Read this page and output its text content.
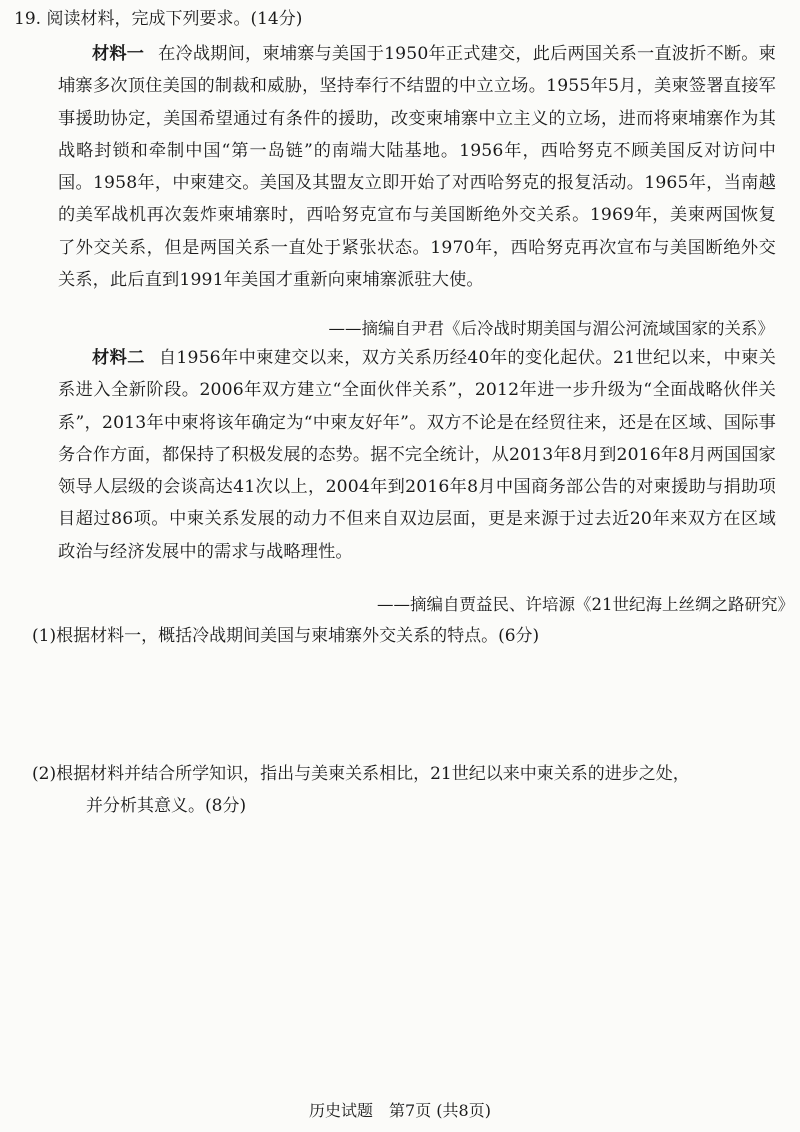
19. 阅读材料，完成下列要求。(14分)

材料一 在冷战期间，柬埔寨与美国于1950年正式建交，此后两国关系一直波折不断。柬埔寨多次顶住美国的制裁和威胁，坚持奉行不结盟的中立立场。1955年5月，美柬签署直接军事援助协定，美国希望通过有条件的援助，改变柬埔寨中立主义的立场，进而将柬埔寨作为其战略封锁和牵制中国“第一岛链”的南端大陆基地。1956年，西哈努克不顾美国反对访问中国。1958年，中柬建交。美国及其盟友立即开始了对西哈努克的报复活动。1965年，当南越的美军战机再次轰炸柬埔寨时，西哈努克宣布与美国断绝外交关系。1969年，美柬两国恢复了外交关系，但是两国关系一直处于紧张状态。1970年，西哈努克再次宣布与美国断绝外交关系，此后直到1991年美国才重新向柬埔寨派驻大使。

——摘编自尹君《后冷战时期美国与湄公河流域国家的关系》

材料二 自1956年中柬建交以来，双方关系历经40年的变化起伏。21世纪以来，中柬关系进入全新阶段。2006年双方建立“全面伙伴关系”，2012年进一步升级为“全面战略伙伴关系”，2013年中柬将该年确定为“中柬友好年”。双方不论是在经贸往来，还是在区域、国际事务合作方面，都保持了积极发展的态势。据不完全统计，从2013年8月到2016年8月两国国家领导人层级的会谈高达41次以上，2004年到2016年8月中国商务部公告的对柬援助与捐助项目超过86项。中柬关系发展的动力不但来自双边层面，更是来源于过去近20年来双方在区域政治与经济发展中的需求与战略理性。

——摘编自贾益民、许培源《21世纪海上丝绸之路研究》
(1)根据材料一，概括冷战期间美国与柬埔寨外交关系的特点。(6分)
(2)根据材料并结合所学知识，指出与美柬关系相比，21世纪以来中柬关系的进步之处，
并分析其意义。(8分)
历史试题　第7页 (共8页)
